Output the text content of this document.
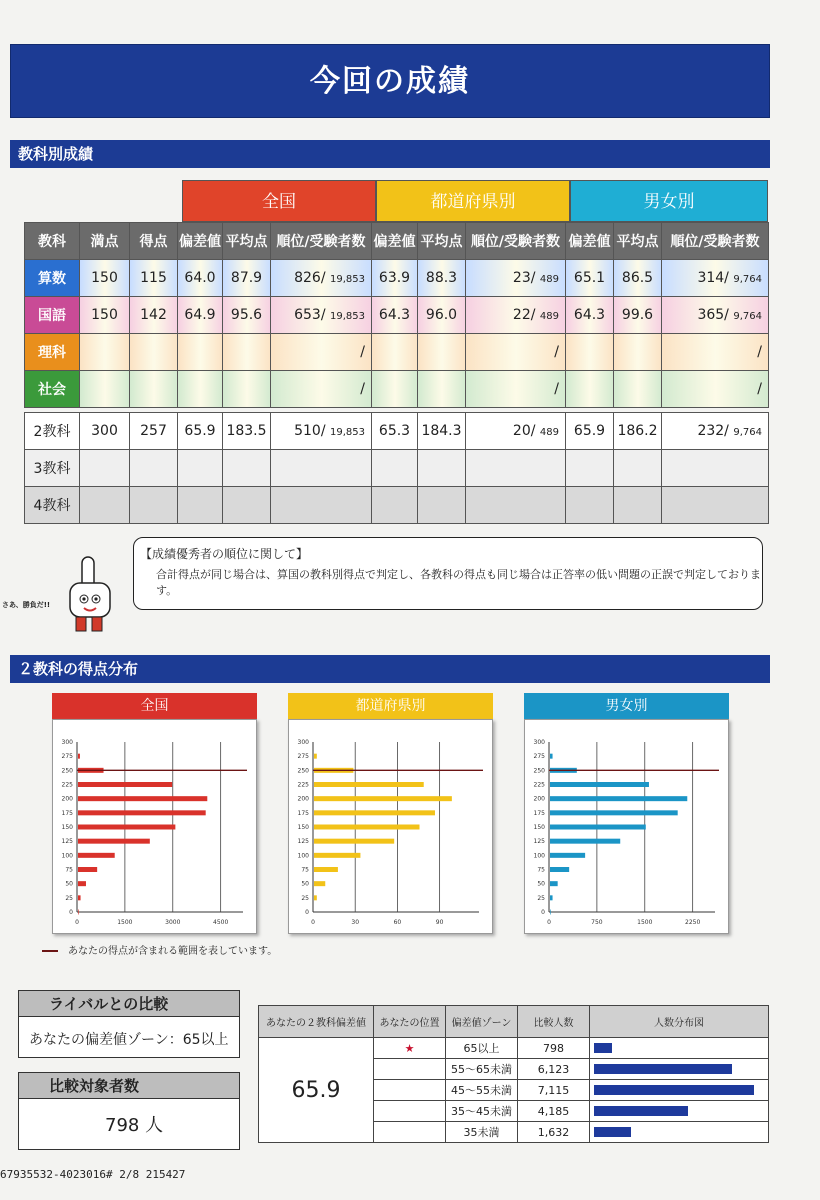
今回の成績
教科別成績
全国	都道府県別	男女別
教科	満点	得点	偏差値	平均点	順位/受験者数	偏差値	平均点	順位/受験者数	偏差値	平均点	順位/受験者数
算数	150	115	64.0	87.9	826/ 19,853	63.9	88.3	23/ 489	65.1	86.5	314/ 9,764
国語	150	142	64.9	95.6	653/ 19,853	64.3	96.0	22/ 489	64.3	99.6	365/ 9,764
理科					/			/			/
社会					/			/			/
2教科	300	257	65.9	183.5	510/ 19,853	65.3	184.3	20/ 489	65.9	186.2	232/ 9,764
3教科											
4教科											
さあ、勝負だ!!
【成績優秀者の順位に関して】
合計得点が同じ場合は、算国の教科別得点で判定し、各教科の得点も同じ場合は正答率の低い問題の正誤で判定しております。
２教科の得点分布
全国
0	1500	3000	4500
300
275
250
225
200
175
150
125
100
75
50
25
0
都道府県別
0	30	60	90
300
275
250
225
200
175
150
125
100
75
50
25
0
男女別
0	750	1500	2250
300
275
250
225
200
175
150
125
100
75
50
25
0
あなたの得点が含まれる範囲を表しています。
ライバルとの比較
あなたの偏差値ゾーン：65以上
比較対象者数
798 人
あなたの２教科偏差値	あなたの位置	偏差値ゾーン	比較人数	人数分布図
65.9	★	65以上	798	

		55〜65未満	6,123	

		45〜55未満	7,115	

		35〜45未満	4,185	

		35未満	1,632	
67935532-4023016# 2/8 215427
